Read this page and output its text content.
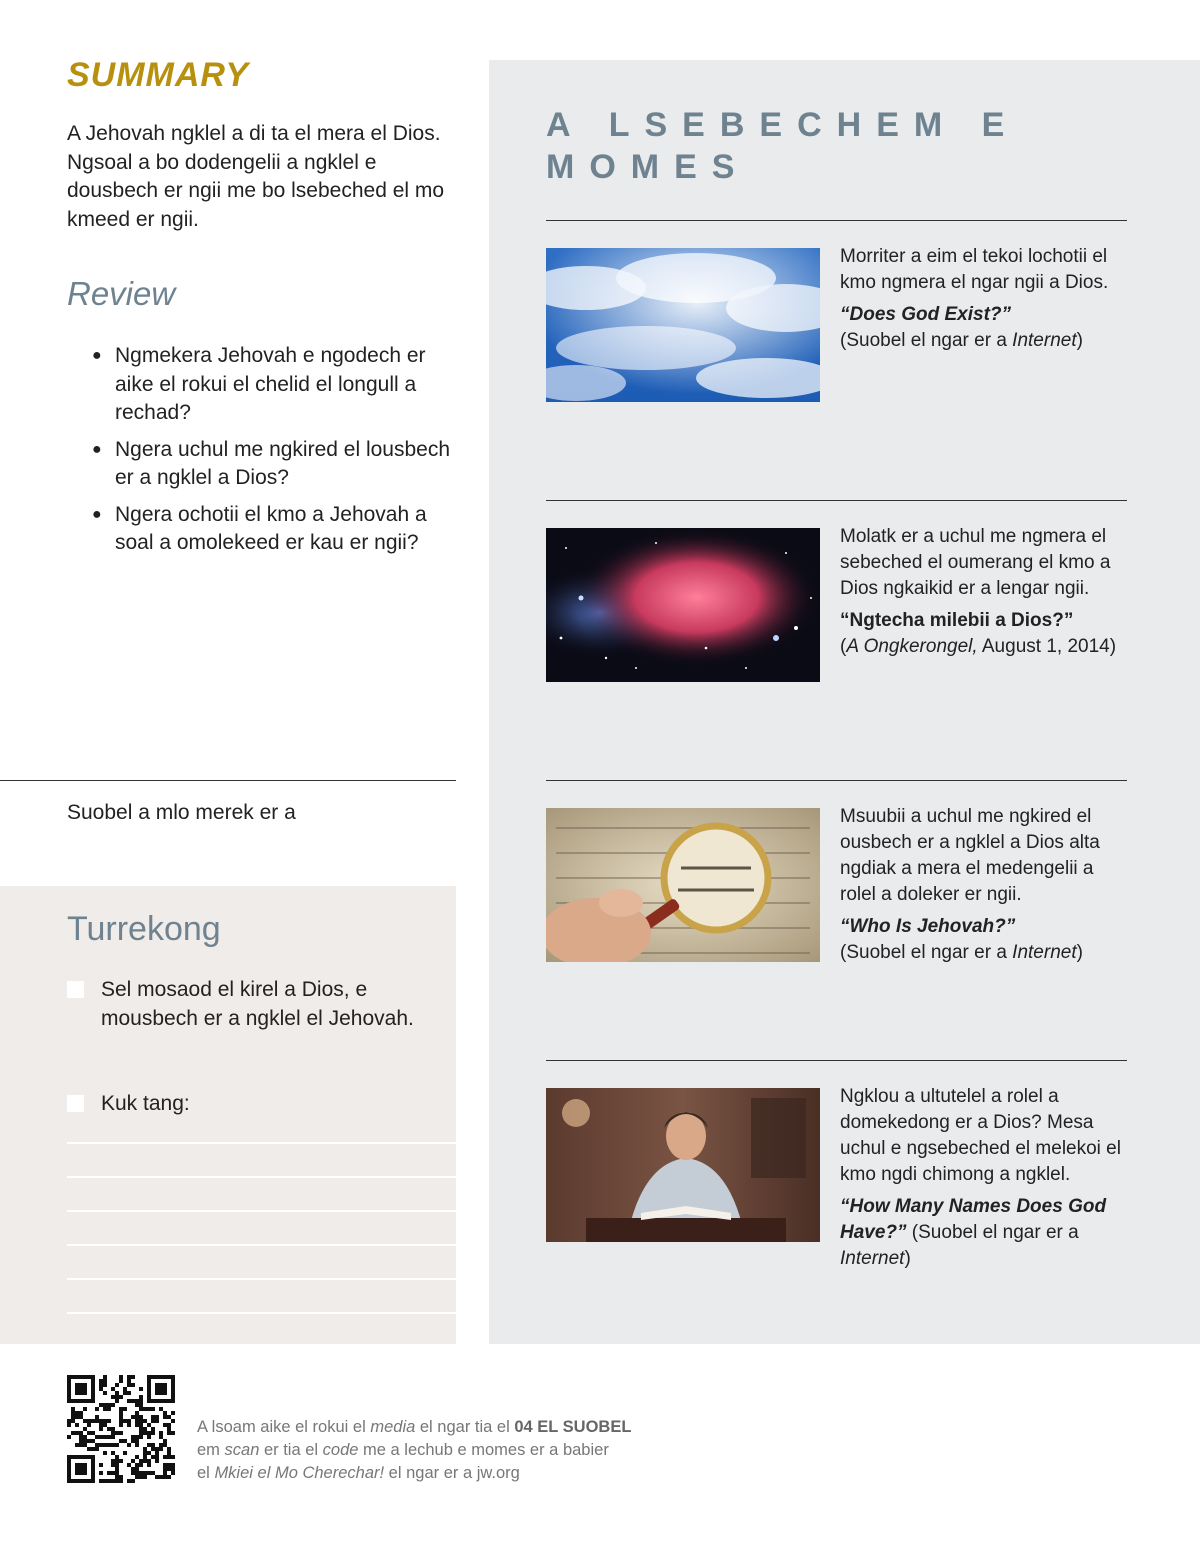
SUMMARY
A Jehovah ngklel a di ta el mera el Dios. Ngsoal a bo dodengelii a ngklel e dousbech er ngii me bo lsebeched el mo kmeed er ngii.
Review
● Ngmekera Jehovah e ngodech er aike el rokui el chelid el longull a rechad?
● Ngera uchul me ngkired el lousbech er a ngklel a Dios?
● Ngera ochotii el kmo a Jehovah a soal a omolekeed er kau er ngii?
Suobel a mlo merek er a
Turrekong
Sel mosaod el kirel a Dios, e mousbech er a ngklel el Jehovah.
Kuk tang:
A LSEBECHEM E MOMES

Morriter a eim el tekoi lochotii el kmo ngmera el ngar ngii a Dios.

“Does God Exist?”

(Suobel el ngar er a Internet)

Molatk er a uchul me ngmera el sebeched el oumerang el kmo a Dios ngkaikid er a lengar ngii.

“Ngtecha milebii a Dios?”

(A Ongkerongel, August 1, 2014)

Msuubii a uchul me ngkired el ousbech er a ngklel a Dios alta ngdiak a mera el medengelii a rolel a doleker er ngii.

“Who Is Jehovah?”

(Suobel el ngar er a Internet)

Ngklou a ultutelel a rolel a domekedong er a Dios? Mesa uchul e ngsebeched el melekoi el kmo ngdi chimong a ngklel.

“How Many Names Does God Have?” (Suobel el ngar er a Internet)

A lsoam aike el rokui el media el ngar tia el 04 EL SUOBEL
em scan er tia el code me a lechub e momes er a babier
el Mkiei el Mo Cherechar! el ngar er a jw.org
